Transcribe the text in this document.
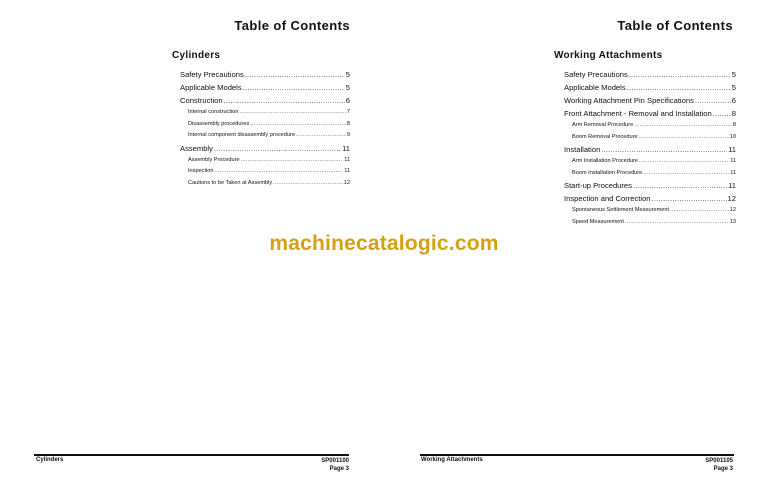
Table of Contents
Cylinders
Safety Precautions .....	5
Applicable Models .....	5
Construction .....	6
Internal construction .....	7
Disassembly procedures .....	8
Internal component disassembly procedure .....	9
Assembly .....	11
Assembly Procedure .....	11
Inspection .....	11
Cautions to be Taken at Assembly .....	12
Cylinders	SP001100
Page 3
Table of Contents
Working Attachments
Safety Precautions .....	5
Applicable Models .....	5
Working Attachment Pin Specifications .....	6
Front Attachment - Removal and Installation .....	8
Arm Removal Procedure .....	8
Boom Removal Procedure .....	10
Installation .....	11
Arm Installation Procedure .....	11
Boom Installation Procedure .....	11
Start-up Procedures .....	11
Inspection and Correction .....	12
Spontaneous Settlement Measurement .....	12
Speed Measurement .....	13
Working Attachments	SP001105
Page 3
machinecatalogic.com
